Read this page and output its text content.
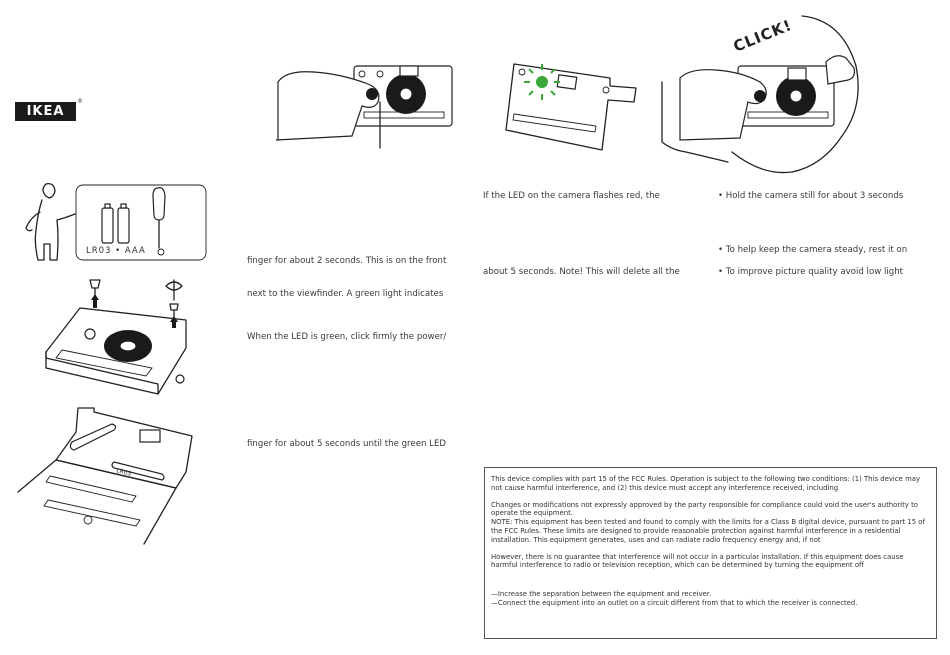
IKEA
®
LR03 • AAA
LR03
CLICK!
finger for about 2 seconds. This is on the front
next to the viewfinder. A green light indicates
When the LED is green, click firmly the power/
finger for about 5 seconds until the green LED
If the LED on the camera flashes red, the
about 5 seconds. Note! This will delete all the
• Hold the camera still for about 3 seconds
• To help keep the camera steady, rest it on
• To improve picture quality avoid low light

This device complies with part 15 of the FCC Rules. Operation is subject to the following two conditions: (1) This device may not cause harmful interference, and (2) this device must accept any interference received, including

Changes or modifications not expressly approved by the party responsible for compliance could void the user's authority to operate the equipment.

NOTE: This equipment has been tested and found to comply with the limits for a Class B digital device, pursuant to part 15 of the FCC Rules. These limits are designed to provide reasonable protection against harmful interference in a residential installation. This equipment generates, uses and can radiate radio frequency energy and, if not

However, there is no guarantee that interference will not occur in a particular installation. If this equipment does cause harmful interference to radio or television reception, which can be determined by turning the equipment off

—Increase the separation between the equipment and receiver.

—Connect the equipment into an outlet on a circuit different from that to which the receiver is connected.
